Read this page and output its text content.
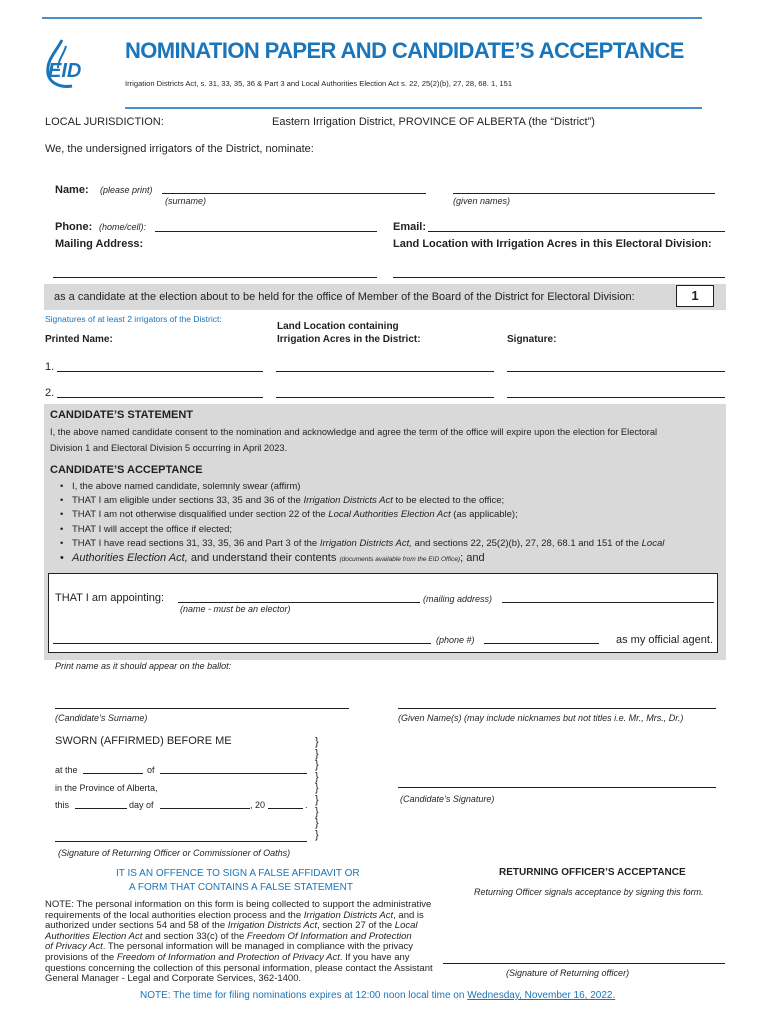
EID
NOMINATION PAPER AND CANDIDATE’S ACCEPTANCE
Irrigation Districts Act, s. 31, 33, 35, 36 & Part 3 and Local Authorities Election Act s. 22, 25(2)(b), 27, 28, 68. 1, 151
LOCAL JURISDICTION:	Eastern Irrigation District, PROVINCE OF ALBERTA (the “District”)
We, the undersigned irrigators of the District, nominate:
Name: (please print)
(surname)	(given names)
Phone: (home/cell):	Email:
Mailing Address:	Land Location with Irrigation Acres in this Electoral Division:
as a candidate at the election about to be held for the office of Member of the Board of the District for Electoral Division:	1
Signatures of at least 2 irrigators of the District:
Printed Name:
Land Location containing
Irrigation Acres in the District:	Signature:
1.
2.
CANDIDATE’S STATEMENT
I, the above named candidate consent to the nomination and acknowledge and agree the term of the office will expire upon the election for Electoral
Division 1 and Electoral Division 5 occurring in April 2023.
CANDIDATE’S ACCEPTANCE
• I, the above named candidate, solemnly swear (affirm)
• THAT I am eligible under sections 33, 35 and 36 of the Irrigation Districts Act to be elected to the office;
• THAT I am not otherwise disqualified under section 22 of the Local Authorities Election Act (as applicable);
• THAT I will accept the office if elected;
• THAT I have read sections 31, 33, 35, 36 and Part 3 of the Irrigation Districts Act, and sections 22, 25(2)(b), 27, 28, 68.1 and 151 of the Local
• Authorities Election Act, and understand their contents (documents available from the EID Office); and
THAT I am appointing:
(name - must be an elector)
(mailing address)
(phone #)	as my official agent.
Print name as it should appear on the ballot:
(Candidate’s Surname)	(Given Name(s) (may include nicknames but not titles i.e. Mr., Mrs., Dr.)
SWORN (AFFIRMED) BEFORE ME
at the	of
in the Province of Alberta,
this	day of	, 20	.
}
}
}
}
}
}
}
}
}
(Candidate’s Signature)
(Signature of Returning Officer or Commissioner of Oaths)
IT IS AN OFFENCE TO SIGN A FALSE AFFIDAVIT OR
A FORM THAT CONTAINS A FALSE STATEMENT
RETURNING OFFICER’S ACCEPTANCE
Returning Officer signals acceptance by signing this form.
(Signature of Returning officer)
NOTE: The personal information on this form is being collected to support the administrative
requirements of the local authorities election process and the Irrigation Districts Act, and is
authorized under sections 54 and 58 of the Irrigation Districts Act, section 27 of the Local
Authorities Election Act and section 33(c) of the Freedom Of Information and Protection
of Privacy Act. The personal information will be managed in compliance with the privacy
provisions of the Freedom of Information and Protection of Privacy Act. If you have any
questions concerning the collection of this personal information, please contact the Assistant
General Manager - Legal and Corporate Services, 362-1400.
NOTE: The time for filing nominations expires at 12:00 noon local time on Wednesday, November 16, 2022.
